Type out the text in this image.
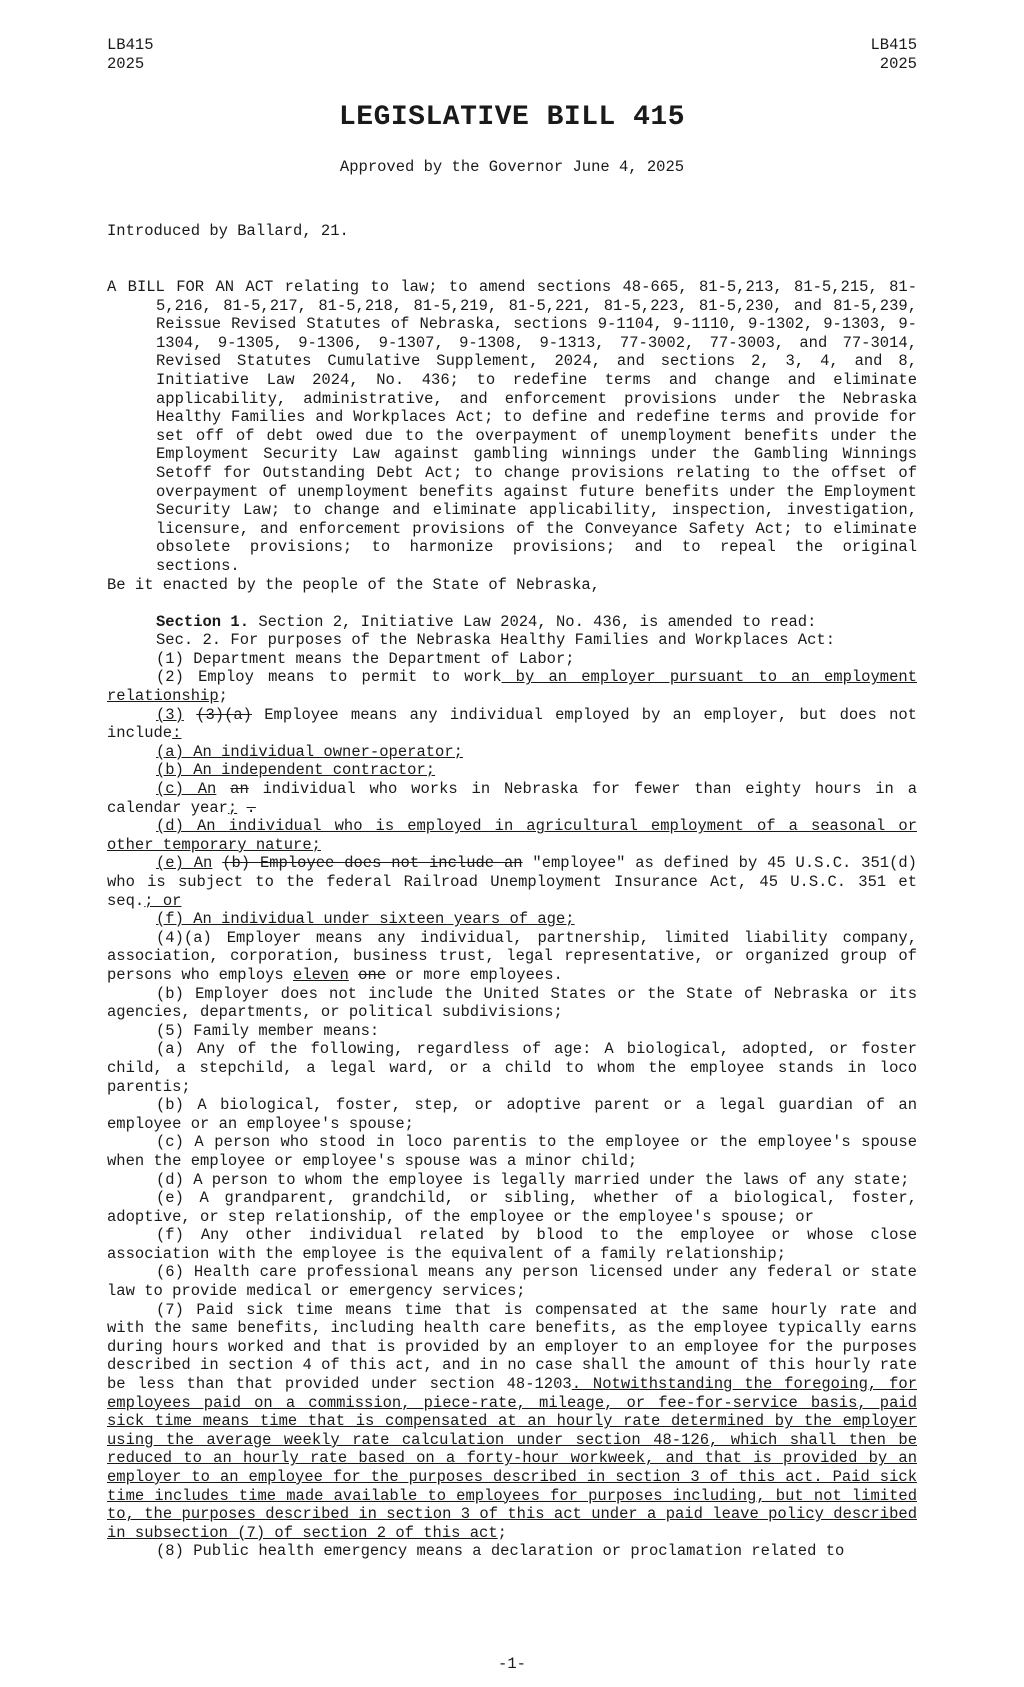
LB415
2025
LB415
2025
LEGISLATIVE BILL 415
Approved by the Governor June 4, 2025
Introduced by Ballard, 21.

A BILL FOR AN ACT relating to law; to amend sections 48-665, 81-5,213, 81-5,215, 81-5,216, 81-5,217, 81-5,218, 81-5,219, 81-5,221, 81-5,223, 81-5,230, and 81-5,239, Reissue Revised Statutes of Nebraska, sections 9-1104, 9-1110, 9-1302, 9-1303, 9-1304, 9-1305, 9-1306, 9-1307, 9-1308, 9-1313, 77-3002, 77-3003, and 77-3014, Revised Statutes Cumulative Supplement, 2024, and sections 2, 3, 4, and 8, Initiative Law 2024, No. 436; to redefine terms and change and eliminate applicability, administrative, and enforcement provisions under the Nebraska Healthy Families and Workplaces Act; to define and redefine terms and provide for set off of debt owed due to the overpayment of unemployment benefits under the Employment Security Law against gambling winnings under the Gambling Winnings Setoff for Outstanding Debt Act; to change provisions relating to the offset of overpayment of unemployment benefits against future benefits under the Employment Security Law; to change and eliminate applicability, inspection, investigation, licensure, and enforcement provisions of the Conveyance Safety Act; to eliminate obsolete provisions; to harmonize provisions; and to repeal the original sections.

Be it enacted by the people of the State of Nebraska,

Section 1. Section 2, Initiative Law 2024, No. 436, is amended to read:

Sec. 2. For purposes of the Nebraska Healthy Families and Workplaces Act:

(1) Department means the Department of Labor;

(2) Employ means to permit to work by an employer pursuant to an employment relationship;

(3) (3)(a) Employee means any individual employed by an employer, but does not include:

(a) An individual owner-operator;

(b) An independent contractor;

(c) An an individual who works in Nebraska for fewer than eighty hours in a calendar year; .

(d) An individual who is employed in agricultural employment of a seasonal or other temporary nature;

(e) An (b) Employee does not include an "employee" as defined by 45 U.S.C. 351(d) who is subject to the federal Railroad Unemployment Insurance Act, 45 U.S.C. 351 et seq.; or

(f) An individual under sixteen years of age;

(4)(a) Employer means any individual, partnership, limited liability company, association, corporation, business trust, legal representative, or organized group of persons who employs eleven one or more employees.

(b) Employer does not include the United States or the State of Nebraska or its agencies, departments, or political subdivisions;

(5) Family member means:

(a) Any of the following, regardless of age: A biological, adopted, or foster child, a stepchild, a legal ward, or a child to whom the employee stands in loco parentis;

(b) A biological, foster, step, or adoptive parent or a legal guardian of an employee or an employee's spouse;

(c) A person who stood in loco parentis to the employee or the employee's spouse when the employee or employee's spouse was a minor child;

(d) A person to whom the employee is legally married under the laws of any state;

(e) A grandparent, grandchild, or sibling, whether of a biological, foster, adoptive, or step relationship, of the employee or the employee's spouse; or

(f) Any other individual related by blood to the employee or whose close association with the employee is the equivalent of a family relationship;

(6) Health care professional means any person licensed under any federal or state law to provide medical or emergency services;

(7) Paid sick time means time that is compensated at the same hourly rate and with the same benefits, including health care benefits, as the employee typically earns during hours worked and that is provided by an employer to an employee for the purposes described in section 4 of this act, and in no case shall the amount of this hourly rate be less than that provided under section 48-1203. Notwithstanding the foregoing, for employees paid on a commission, piece-rate, mileage, or fee-for-service basis, paid sick time means time that is compensated at an hourly rate determined by the employer using the average weekly rate calculation under section 48-126, which shall then be reduced to an hourly rate based on a forty-hour workweek, and that is provided by an employer to an employee for the purposes described in section 3 of this act. Paid sick time includes time made available to employees for purposes including, but not limited to, the purposes described in section 3 of this act under a paid leave policy described in subsection (7) of section 2 of this act;

(8) Public health emergency means a declaration or proclamation related to

-1-
